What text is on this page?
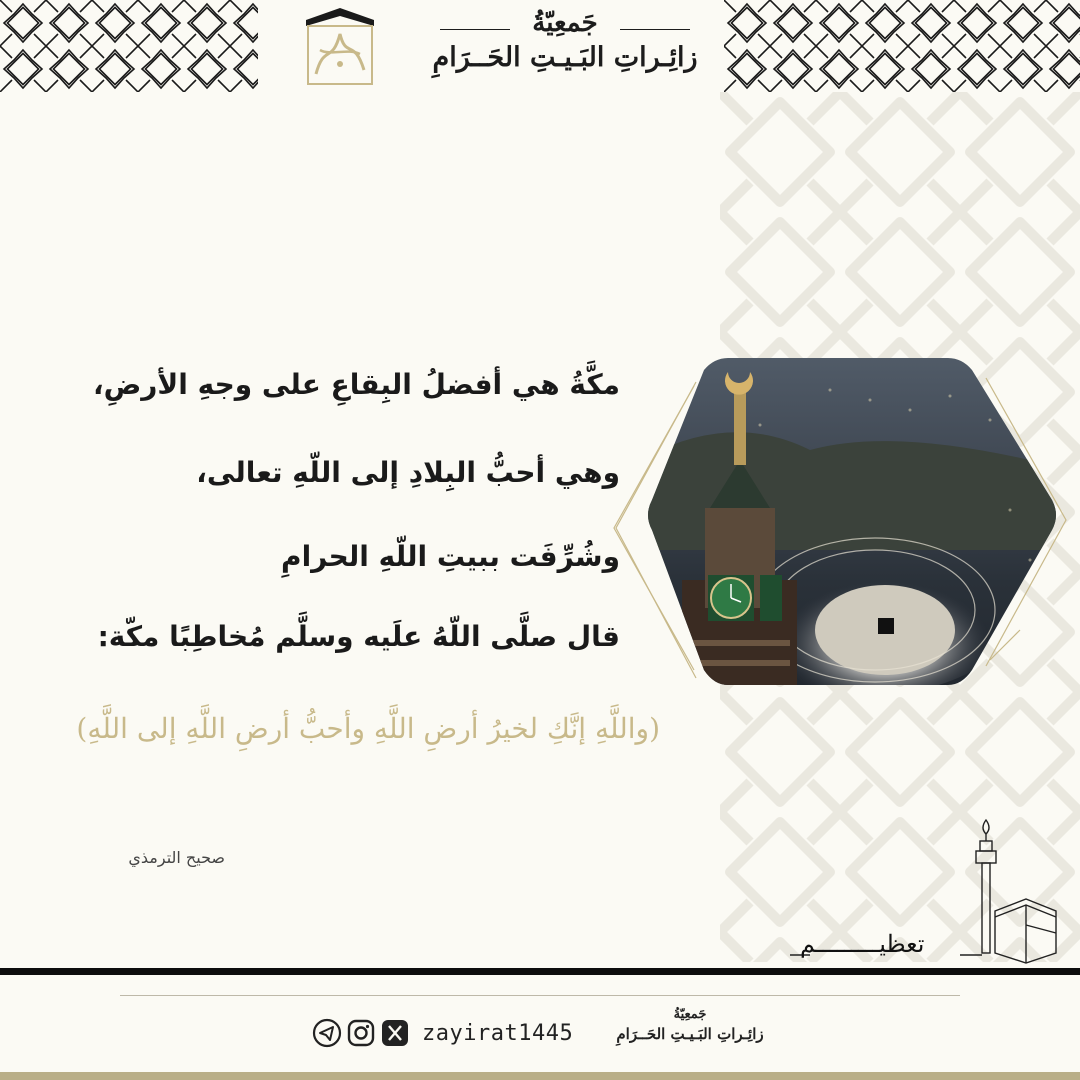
جَمعِيّةُ
زائِـراتِ البَـيـتِ الحَــرَامِ
مكَّةُ هي أفضلُ البِقاعِ على وجهِ الأرضِ،
وهي أحبُّ البِلادِ إلى اللّهِ تعالى،
وشُرِّفَت ببيتِ اللّهِ الحرامِ
قال صلَّى اللّهُ علَيه وسلَّم مُخاطِبًا مكّة:
(واللَّهِ إنَّكِ لخيرُ أرضِ اللَّهِ وأحبُّ أرضِ اللَّهِ إلى اللَّهِ)
صحيح الترمذي
تعظيـــــــــم
zayirat1445
جَمعِيّةُ
زائِـراتِ البَـيـتِ الحَــرَامِ
